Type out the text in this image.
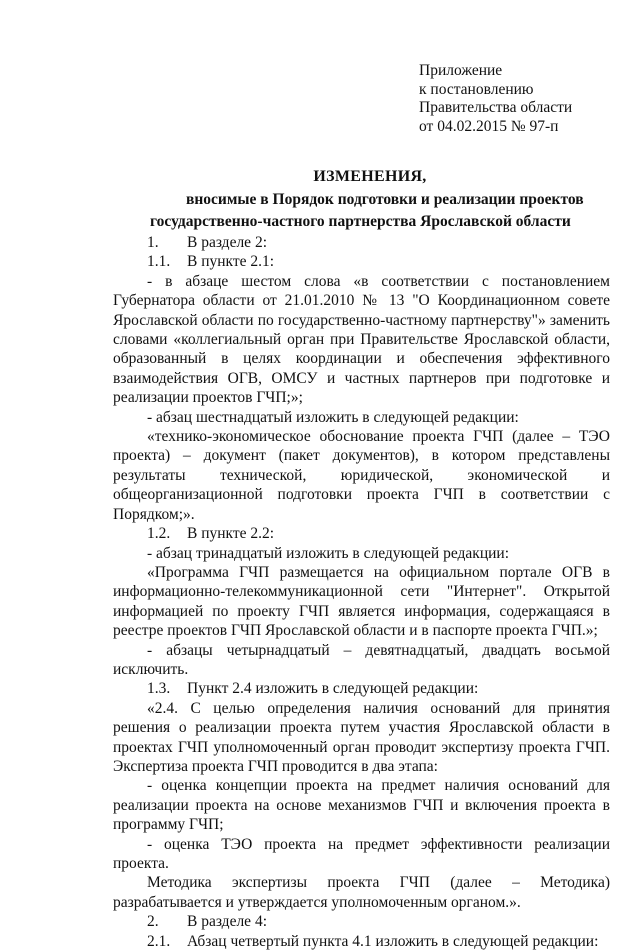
Приложение
к постановлению
Правительства области
от 04.02.2015 № 97-п
ИЗМЕНЕНИЯ,
вносимые в Порядок подготовки и реализации проектов
государственно-частного партнерства Ярославской области
1. В разделе 2:
1.1. В пункте 2.1:
- в абзаце шестом слова «в соответствии с постановлением Губернатора области от 21.01.2010 № 13 "О Координационном совете Ярославской области по государственно-частному партнерству"» заменить словами «коллегиальный орган при Правительстве Ярославской области, образованный в целях координации и обеспечения эффективного взаимодействия ОГВ, ОМСУ и частных партнеров при подготовке и реализации проектов ГЧП;»;
- абзац шестнадцатый изложить в следующей редакции:
«технико-экономическое обоснование проекта ГЧП (далее – ТЭО проекта) – документ (пакет документов), в котором представлены результаты технической, юридической, экономической и общеорганизационной подготовки проекта ГЧП в соответствии с Порядком;».
1.2. В пункте 2.2:
- абзац тринадцатый изложить в следующей редакции:
«Программа ГЧП размещается на официальном портале ОГВ в информационно-телекоммуникационной сети "Интернет". Открытой информацией по проекту ГЧП является информация, содержащаяся в реестре проектов ГЧП Ярославской области и в паспорте проекта ГЧП.»;
- абзацы четырнадцатый – девятнадцатый, двадцать восьмой исключить.
1.3. Пункт 2.4 изложить в следующей редакции:
«2.4. С целью определения наличия оснований для принятия решения о реализации проекта путем участия Ярославской области в проектах ГЧП уполномоченный орган проводит экспертизу проекта ГЧП. Экспертиза проекта ГЧП проводится в два этапа:
- оценка концепции проекта на предмет наличия оснований для реализации проекта на основе механизмов ГЧП и включения проекта в программу ГЧП;
- оценка ТЭО проекта на предмет эффективности реализации проекта.
Методика экспертизы проекта ГЧП (далее – Методика) разрабатывается и утверждается уполномоченным органом.».
2. В разделе 4:
2.1. Абзац четвертый пункта 4.1 изложить в следующей редакции:
